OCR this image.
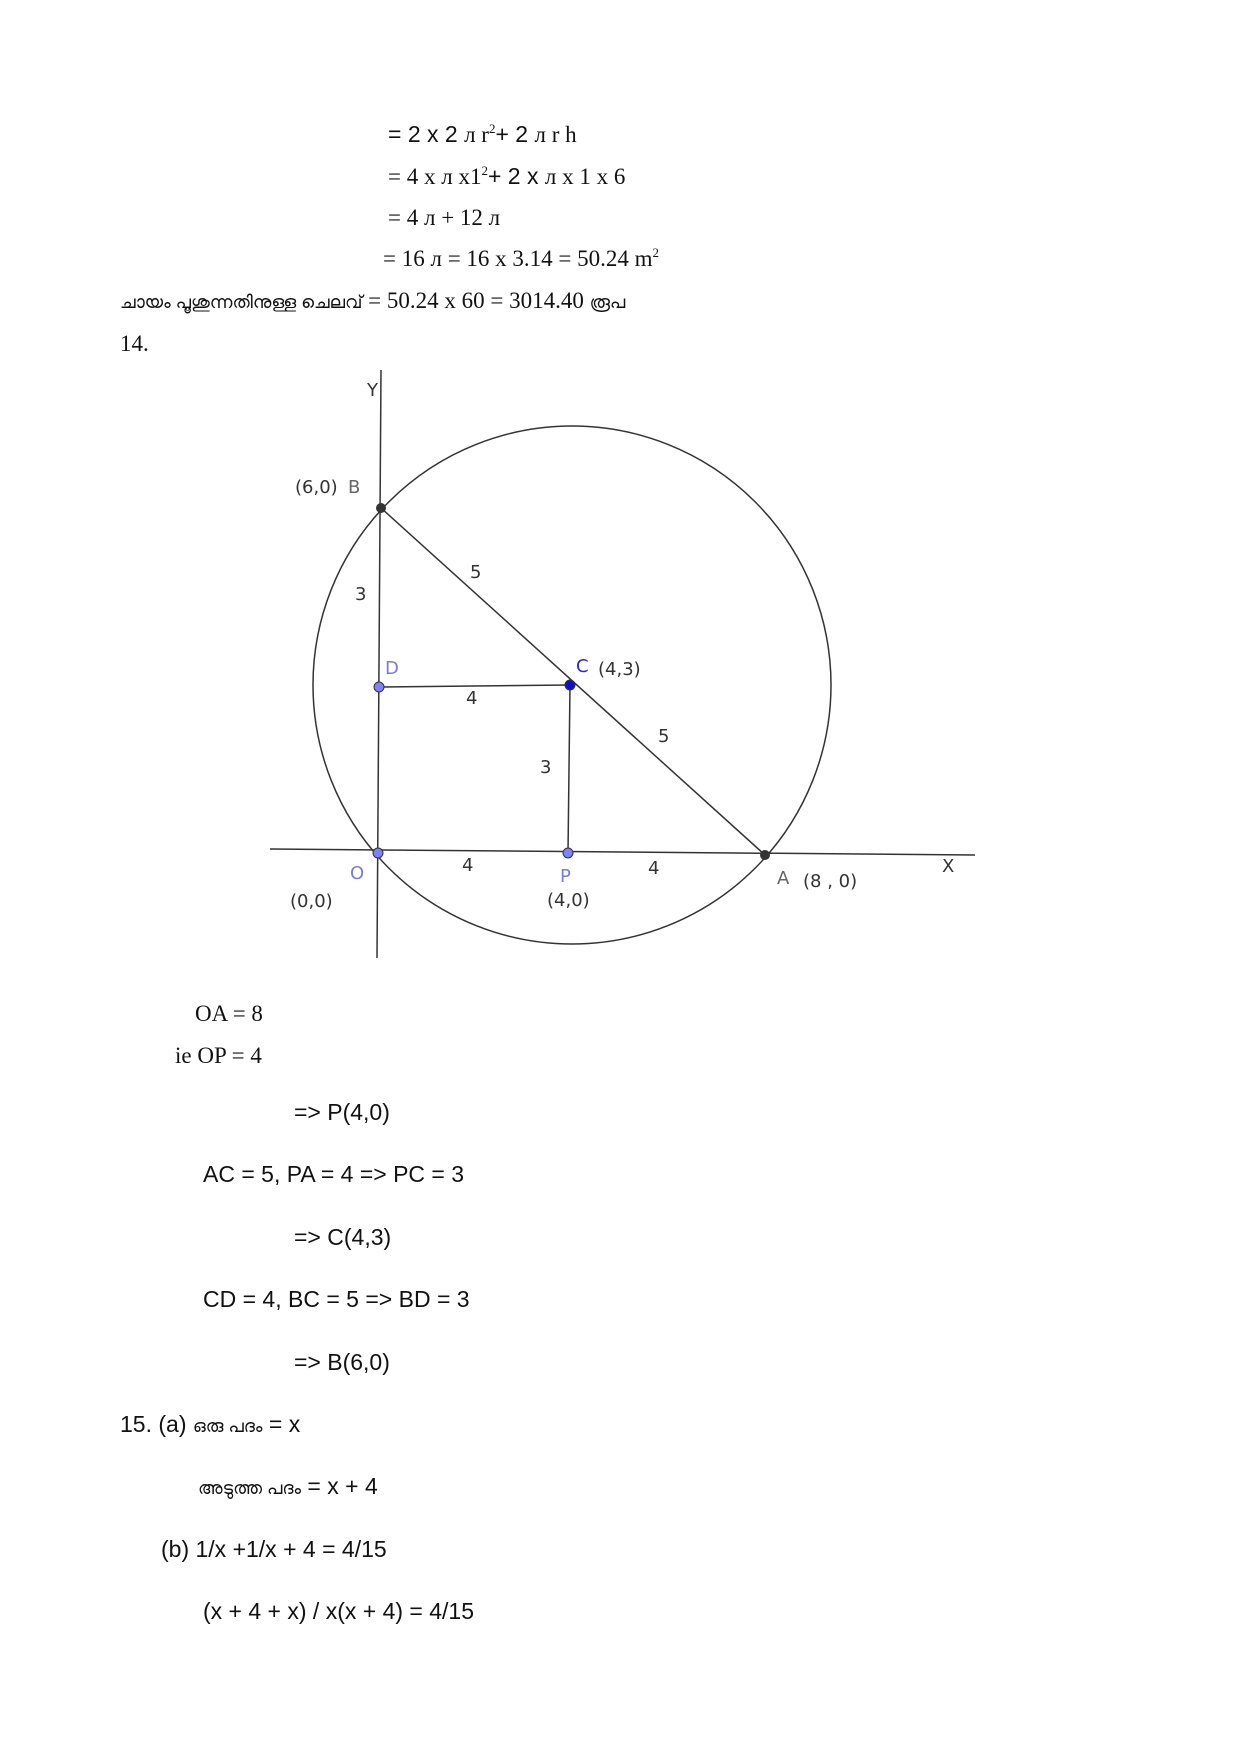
= 2 x 2 л $r^2+ 2$ л r h
= 4 x л $x1^2+ 2$ x л x 1 x 6
= 4 л + 12 л
= 16 л = 16 x 3.14 = 50.24 $m^2$
ചായം പൂശുന്നതിനുള്ള ചെലവ് = 50.24 x 60 = 3014.40 രൂപ
14.
Y
X
(6,0) B
D	C (4,3)
O
(0,0)
P
(4,0)
A (8 , 0)
3
5
4
5
3
4	4
OA = 8
ie OP = 4
=> P(4,0)
AC = 5, PA = 4 => PC = 3
=> C(4,3)
CD = 4, BC = 5 => BD = 3
=> B(6,0)
15. (a) ഒരു പദം = x
അടുത്ത പദം = x + 4
(b) 1/x +1/x + 4 = 4/15
(x + 4 + x) / x(x + 4) = 4/15
